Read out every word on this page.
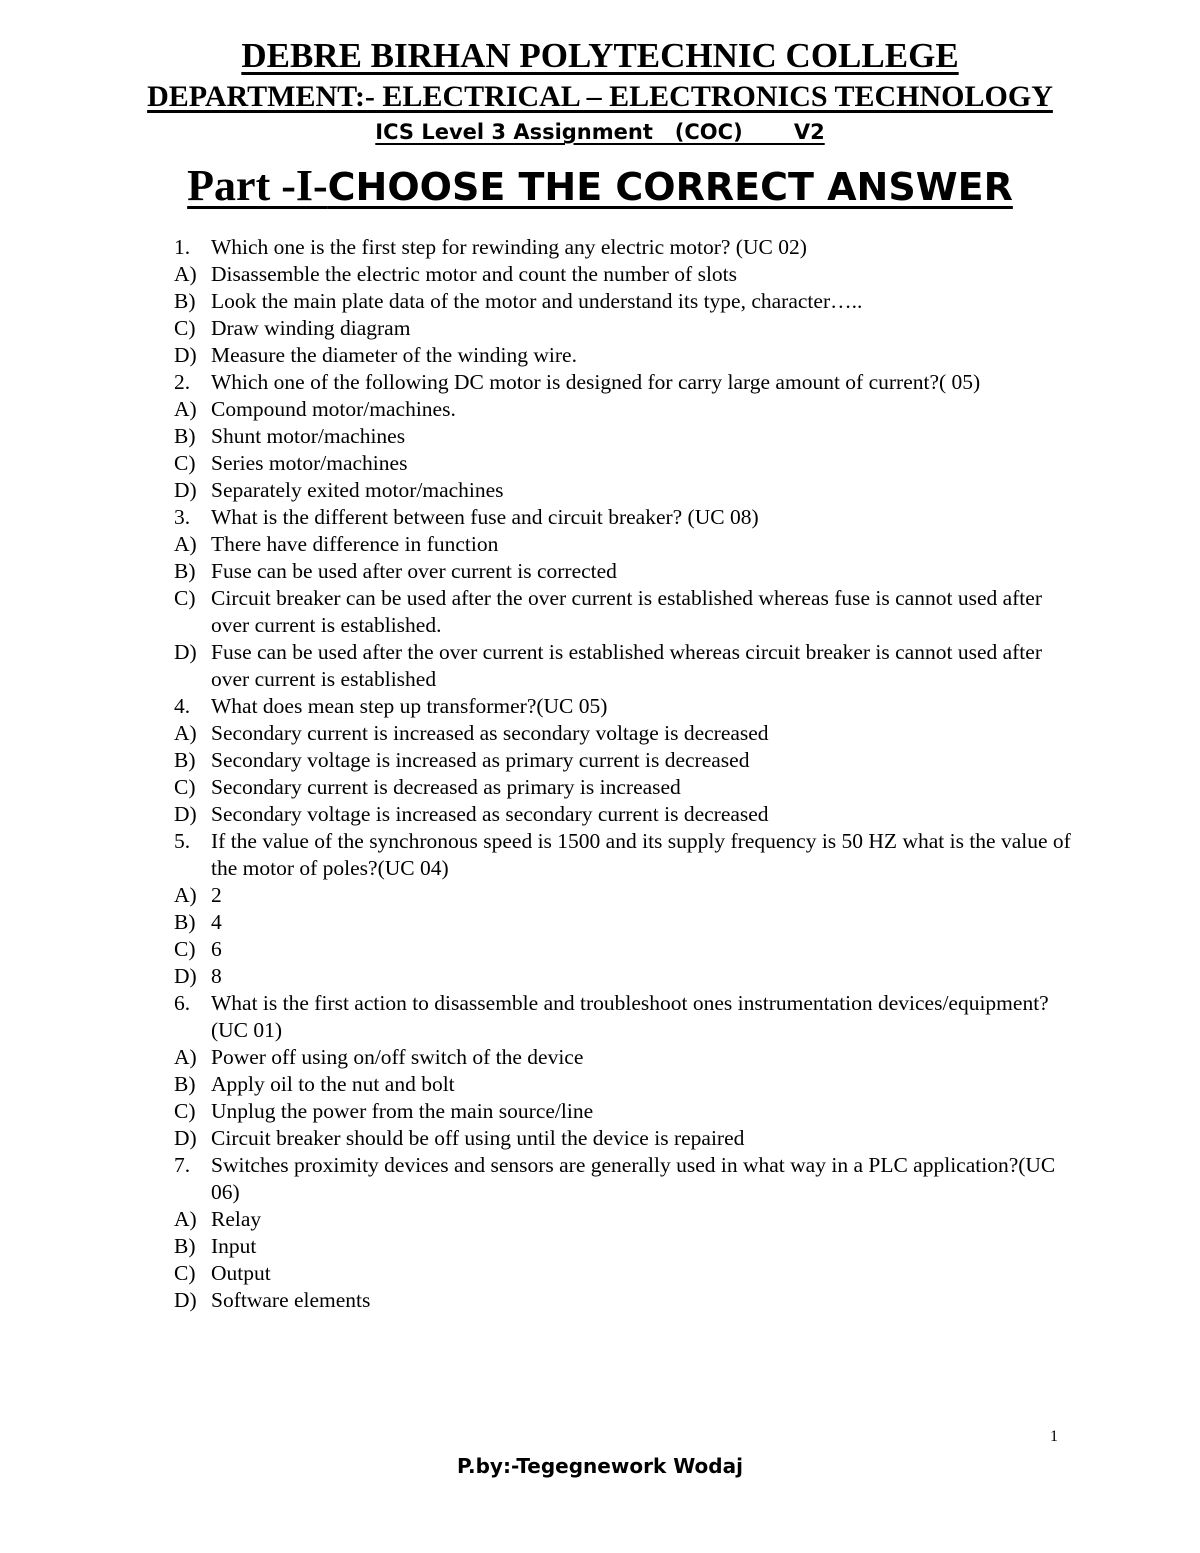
DEBRE BIRHAN POLYTECHNIC COLLEGE
DEPARTMENT:- ELECTRICAL – ELECTRONICS TECHNOLOGY
ICS Level 3 Assignment   (COC)       V2
Part -I-CHOOSE THE CORRECT ANSWER
1. Which one is the first step for rewinding any electric motor? (UC 02)
A) Disassemble the electric motor and count the number of slots
B) Look the main plate data of the motor and understand its type, character…..
C) Draw winding diagram
D) Measure the diameter of the winding wire.
2. Which one of the following DC motor is designed for carry large amount of current?( 05)
A) Compound motor/machines.
B) Shunt motor/machines
C) Series motor/machines
D) Separately exited motor/machines
3. What is the different between fuse and circuit breaker? (UC 08)
A) There have difference in function
B) Fuse can be used after over current is corrected
C) Circuit breaker can be used after the over current is established whereas fuse is cannot used after over current is established.
D) Fuse can be used after the over current is established whereas circuit breaker is cannot used after over current is established
4. What does mean step up transformer?(UC 05)
A) Secondary current is increased as secondary voltage is decreased
B) Secondary voltage is increased as primary current is decreased
C) Secondary current is decreased as primary is increased
D) Secondary voltage is increased as secondary current is decreased
5. If the value of the synchronous speed is 1500 and its supply frequency is 50 HZ what is the value of the motor of poles?(UC 04)
A) 2
B) 4
C) 6
D) 8
6. What is the first action to disassemble and troubleshoot ones instrumentation devices/equipment?(UC 01)
A) Power off using on/off switch of the device
B) Apply oil to the nut and bolt
C) Unplug the power from the main source/line
D) Circuit breaker should be off using until the device is repaired
7. Switches proximity devices and sensors are generally used in what way in a PLC application?(UC 06)
A) Relay
B) Input
C) Output
D) Software elements
1
P.by:-Tegegnework Wodaj
